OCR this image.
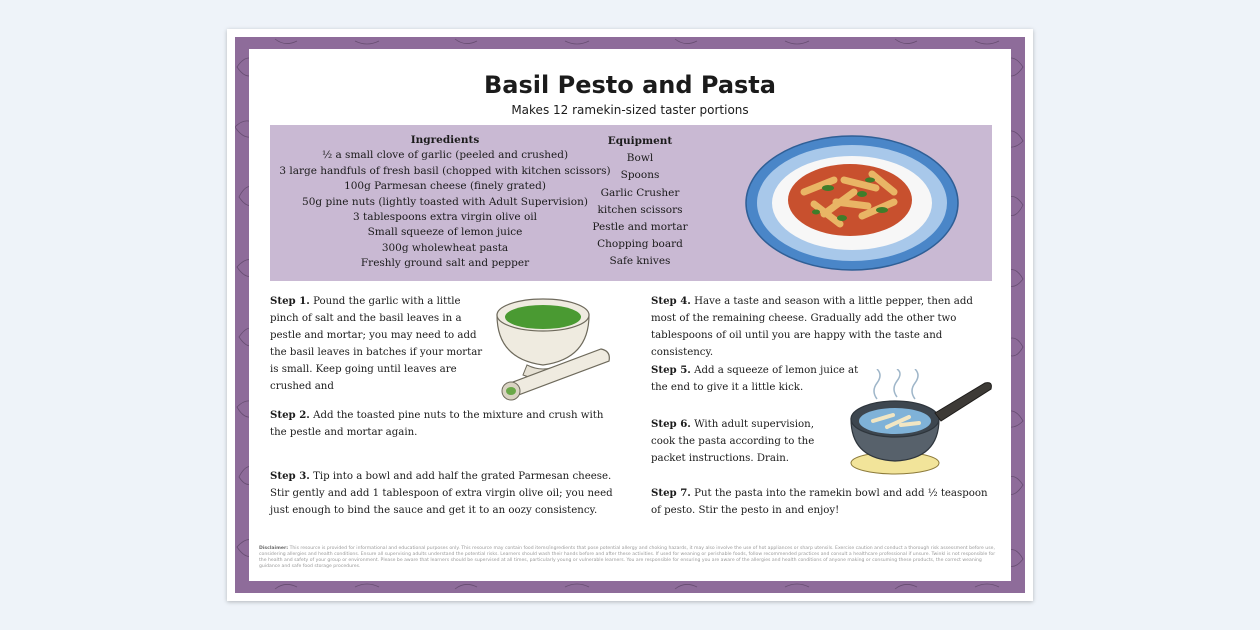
Basil Pesto and Pasta
Makes 12 ramekin-sized taster portions
Ingredients
½ a small clove of garlic (peeled and crushed)
3 large handfuls of fresh basil (chopped with kitchen scissors)
100g Parmesan cheese (finely grated)
50g pine nuts (lightly toasted with Adult Supervision)
3 tablespoons extra virgin olive oil
Small squeeze of lemon juice
300g wholewheat pasta
Freshly ground salt and pepper
Equipment
Bowl
Spoons
Garlic Crusher
kitchen scissors
Pestle and mortar
Chopping board
Safe knives
Step 1. Pound the garlic with a little pinch of salt and the basil leaves in a pestle and mortar; you may need to add the basil leaves in batches if your mortar is small. Keep going until leaves are crushed and
Step 2. Add the toasted pine nuts to the mixture and crush with the pestle and mortar again.
Step 3. Tip into a bowl and add half the grated Parmesan cheese. Stir gently and add 1 tablespoon of extra virgin olive oil; you need just enough to bind the sauce and get it to an oozy consistency.
Step 4. Have a taste and season with a little pepper, then add most of the remaining cheese. Gradually add the other two tablespoons of oil until you are happy with the taste and consistency.
Step 5. Add a squeeze of lemon juice at the end to give it a little kick.
Step 6. With adult supervision, cook the pasta according to the packet instructions. Drain.
Step 7. Put the pasta into the ramekin bowl and add ½ teaspoon of pesto. Stir the pesto in and enjoy!
Disclaimer: This resource is provided for informational and educational purposes only. This resource may contain food items/ingredients that pose potential allergy and choking hazards, it may also involve the use of hot appliances or sharp utensils. Exercise caution and conduct a thorough risk assessment before use, considering allergies and health conditions. Ensure all supervising adults understand the potential risks. Learners should wash their hands before and after these activities. If used for weaning or perishable foods, follow recommended practices and consult a healthcare professional if unsure. Twinkl is not responsible for the health and safety of your group or environment. Please be aware that learners should be supervised at all times, particularly young or vulnerable learners. You are responsible for ensuring you are aware of the allergies and health conditions of anyone making or consuming these products, the correct weaning guidance and safe food storage procedures.
